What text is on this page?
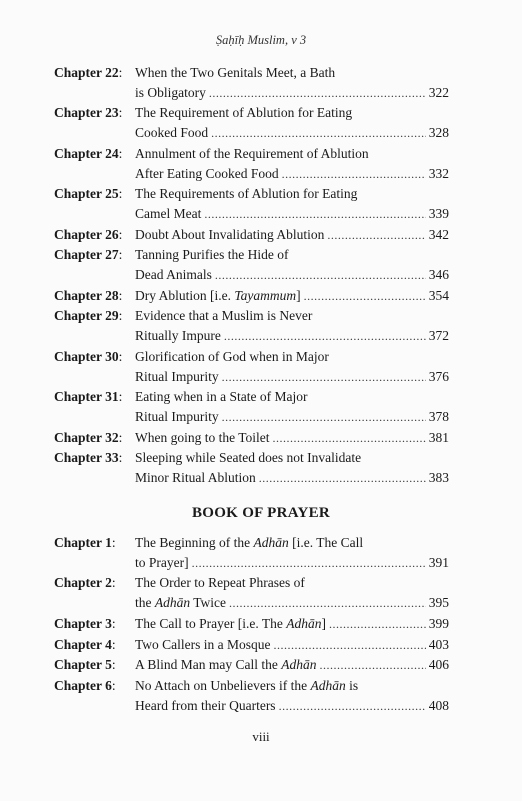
Ṣaḥīḥ Muslim, v 3
Chapter 22: When the Two Genitals Meet, a Bath
is Obligatory .....	322
Chapter 23: The Requirement of Ablution for Eating
Cooked Food .....	328
Chapter 24: Annulment of the Requirement of Ablution
After Eating Cooked Food .....	332
Chapter 25: The Requirements of Ablution for Eating
Camel Meat .....	339
Chapter 26: Doubt About Invalidating Ablution .....	342
Chapter 27: Tanning Purifies the Hide of
Dead Animals .....	346
Chapter 28: Dry Ablution [i.e. Tayammum] .....	354
Chapter 29: Evidence that a Muslim is Never
Ritually Impure .....	372
Chapter 30: Glorification of God when in Major
Ritual Impurity .....	376
Chapter 31: Eating when in a State of Major
Ritual Impurity .....	378
Chapter 32: When going to the Toilet .....	381
Chapter 33: Sleeping while Seated does not Invalidate
Minor Ritual Ablution .....	383
BOOK OF PRAYER
Chapter 1:	The Beginning of the Adhān [i.e. The Call
to Prayer] .....	391
Chapter 2:	The Order to Repeat Phrases of
the Adhān Twice .....	395
Chapter 3:	The Call to Prayer [i.e. The Adhān] .....	399
Chapter 4:	Two Callers in a Mosque .....	403
Chapter 5:	A Blind Man may Call the Adhān .....	406
Chapter 6:	No Attach on Unbelievers if the Adhān is
Heard from their Quarters .....	408
viii
